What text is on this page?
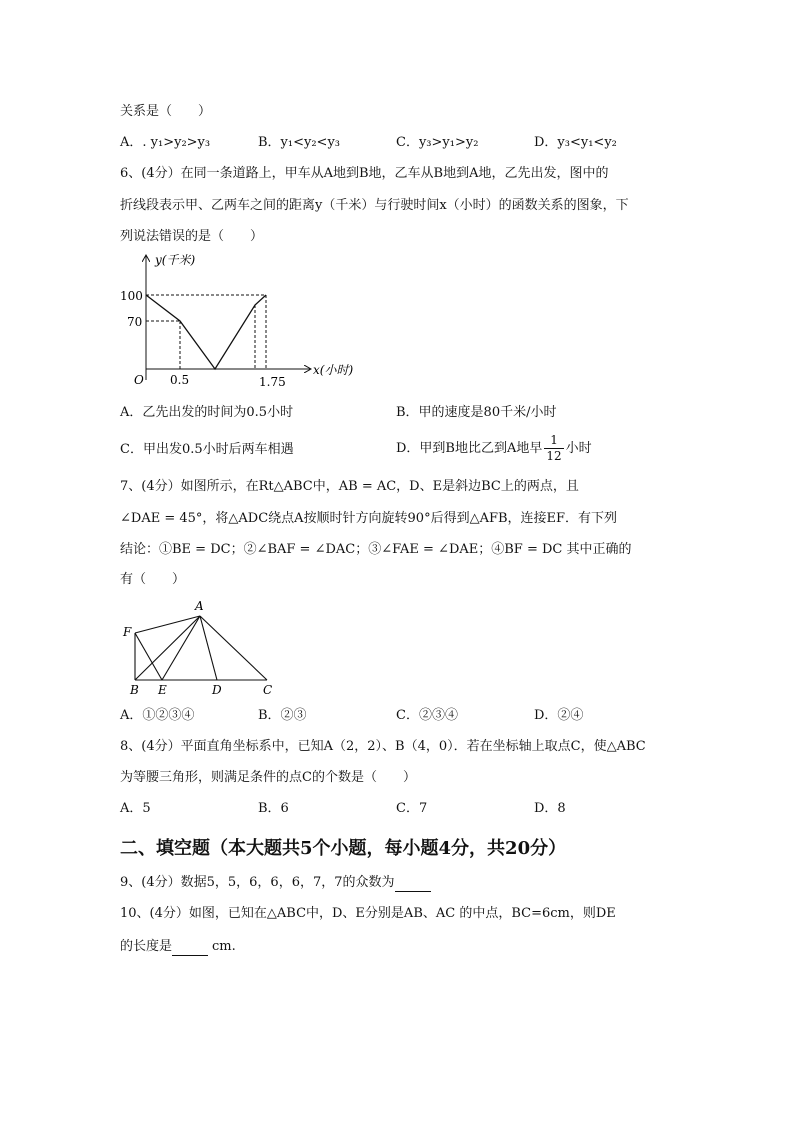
关系是（　　）
A．. y₁>y₂>y₃	B．y₁<y₂<y₃	C．y₃>y₁>y₂	D．y₃<y₁<y₂
6、(4分）在同一条道路上，甲车从A地到B地，乙车从B地到A地，乙先出发，图中的
折线段表示甲、乙两车之间的距离y（千米）与行驶时间x（小时）的函数关系的图象，下
列说法错误的是（　　）
y(千米)
x(小时)
O
100
70
0.5	1.75
A．乙先出发的时间为0.5小时	B．甲的速度是80千米/小时
C．甲出发0.5小时后两车相遇	D．甲到B地比乙到A地早 $\frac{1}{12}$ 小时
7、(4分）如图所示，在Rt△ABC中，AB = AC，D、E是斜边BC上的两点，且
∠DAE = 45°，将△ADC绕点A按顺时针方向旋转90°后得到△AFB，连接EF．有下列
结论：①BE = DC；②∠BAF = ∠DAC；③∠FAE = ∠DAE；④BF = DC 其中正确的
有（　　）
A
F
B E	D	C
A．①②③④	B．②③	C．②③④	D．②④
8、(4分）平面直角坐标系中，已知A（2，2）、B（4，0）．若在坐标轴上取点C，使△ABC
为等腰三角形，则满足条件的点C的个数是（　　）
A．5	B．6	C．7	D．8
二、填空题（本大题共5个小题，每小题4分，共20分）
9、(4分）数据5，5，6，6，6，7，7的众数为
10、(4分）如图，已知在△ABC中，D、E分别是AB、AC 的中点，BC=6cm，则DE
的长度是	cm.
